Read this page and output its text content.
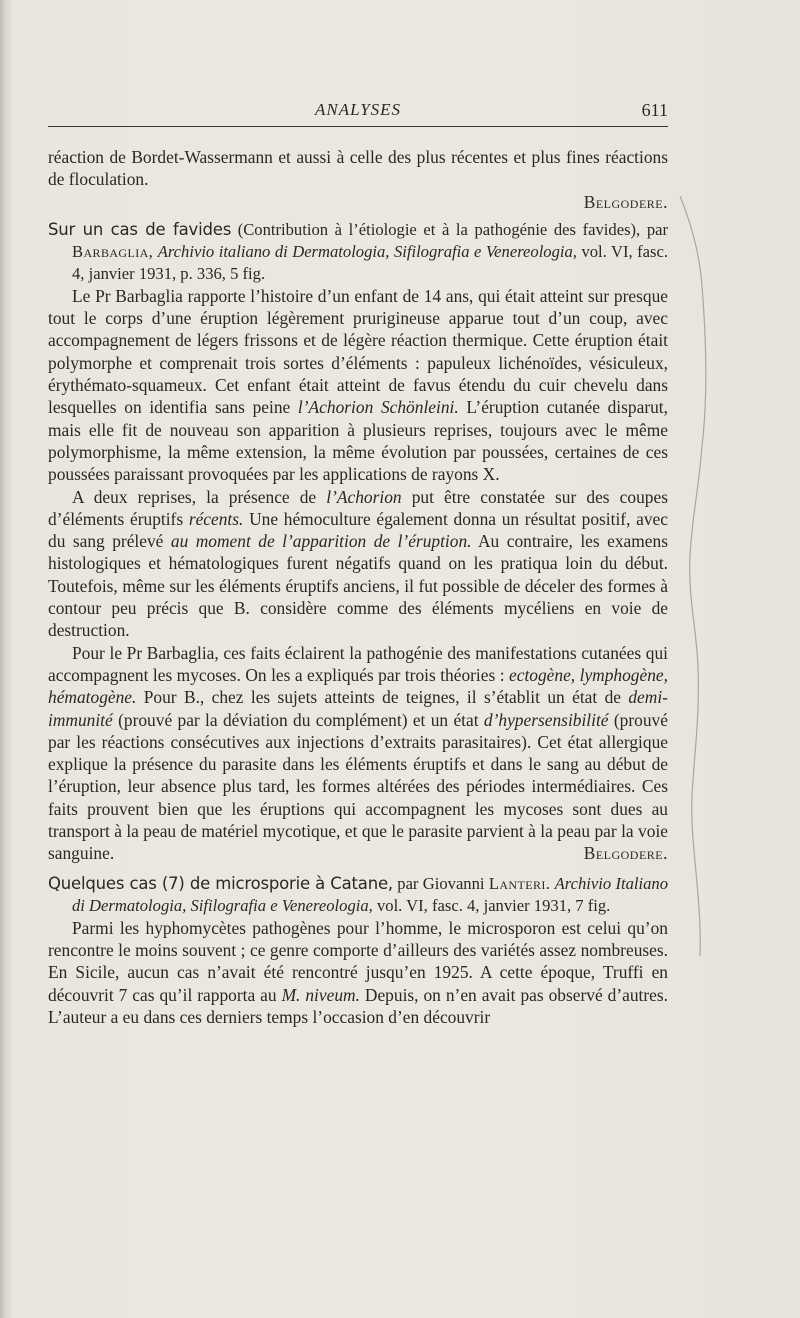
ANALYSES	611

réaction de Bordet-Wassermann et aussi à celle des plus récentes et plus fines réactions de floculation.

Belgodere.

Sur un cas de favides (Contribution à l’étiologie et à la pathogénie des favides), par Barbaglia, Archivio italiano di Dermatologia, Sifilografia e Venereologia, vol. VI, fasc. 4, janvier 1931, p. 336, 5 fig.

Le Pr Barbaglia rapporte l’histoire d’un enfant de 14 ans, qui était atteint sur presque tout le corps d’une éruption légèrement prurigineuse apparue tout d’un coup, avec accompagnement de légers frissons et de légère réaction thermique. Cette éruption était polymorphe et comprenait trois sortes d’éléments : papuleux lichénoïdes, vésiculeux, érythémato-squameux. Cet enfant était atteint de favus étendu du cuir chevelu dans lesquelles on identifia sans peine l’Achorion Schönleini. L’éruption cutanée disparut, mais elle fit de nouveau son apparition à plusieurs reprises, toujours avec le même polymorphisme, la même extension, la même évolution par poussées, certaines de ces poussées paraissant provoquées par les applications de rayons X.

A deux reprises, la présence de l’Achorion put être constatée sur des coupes d’éléments éruptifs récents. Une hémoculture également donna un résultat positif, avec du sang prélevé au moment de l’apparition de l’éruption. Au contraire, les examens histologiques et hématologiques furent négatifs quand on les pratiqua loin du début. Toutefois, même sur les éléments éruptifs anciens, il fut possible de déceler des formes à contour peu précis que B. considère comme des éléments mycéliens en voie de destruction.

Pour le Pr Barbaglia, ces faits éclairent la pathogénie des manifestations cutanées qui accompagnent les mycoses. On les a expliqués par trois théories : ectogène, lymphogène, hématogène. Pour B., chez les sujets atteints de teignes, il s’établit un état de demi-immunité (prouvé par la déviation du complément) et un état d’hypersensibilité (prouvé par les réactions consécutives aux injections d’extraits parasitaires). Cet état allergique explique la présence du parasite dans les éléments éruptifs et dans le sang au début de l’éruption, leur absence plus tard, les formes altérées des périodes intermédiaires. Ces faits prouvent bien que les éruptions qui accompagnent les mycoses sont dues au transport à la peau de matériel mycotique, et que le parasite parvient à la peau par la voie sanguine.	Belgodere.

Quelques cas (7) de microsporie à Catane, par Giovanni Lanteri. Archivio Italiano di Dermatologia, Sifilografia e Venereologia, vol. VI, fasc. 4, janvier 1931, 7 fig.

Parmi les hyphomycètes pathogènes pour l’homme, le microsporon est celui qu’on rencontre le moins souvent ; ce genre comporte d’ailleurs des variétés assez nombreuses. En Sicile, aucun cas n’avait été rencontré jusqu’en 1925. A cette époque, Truffi en découvrit 7 cas qu’il rapporta au M. niveum. Depuis, on n’en avait pas observé d’autres. L’auteur a eu dans ces derniers temps l’occasion d’en découvrir
